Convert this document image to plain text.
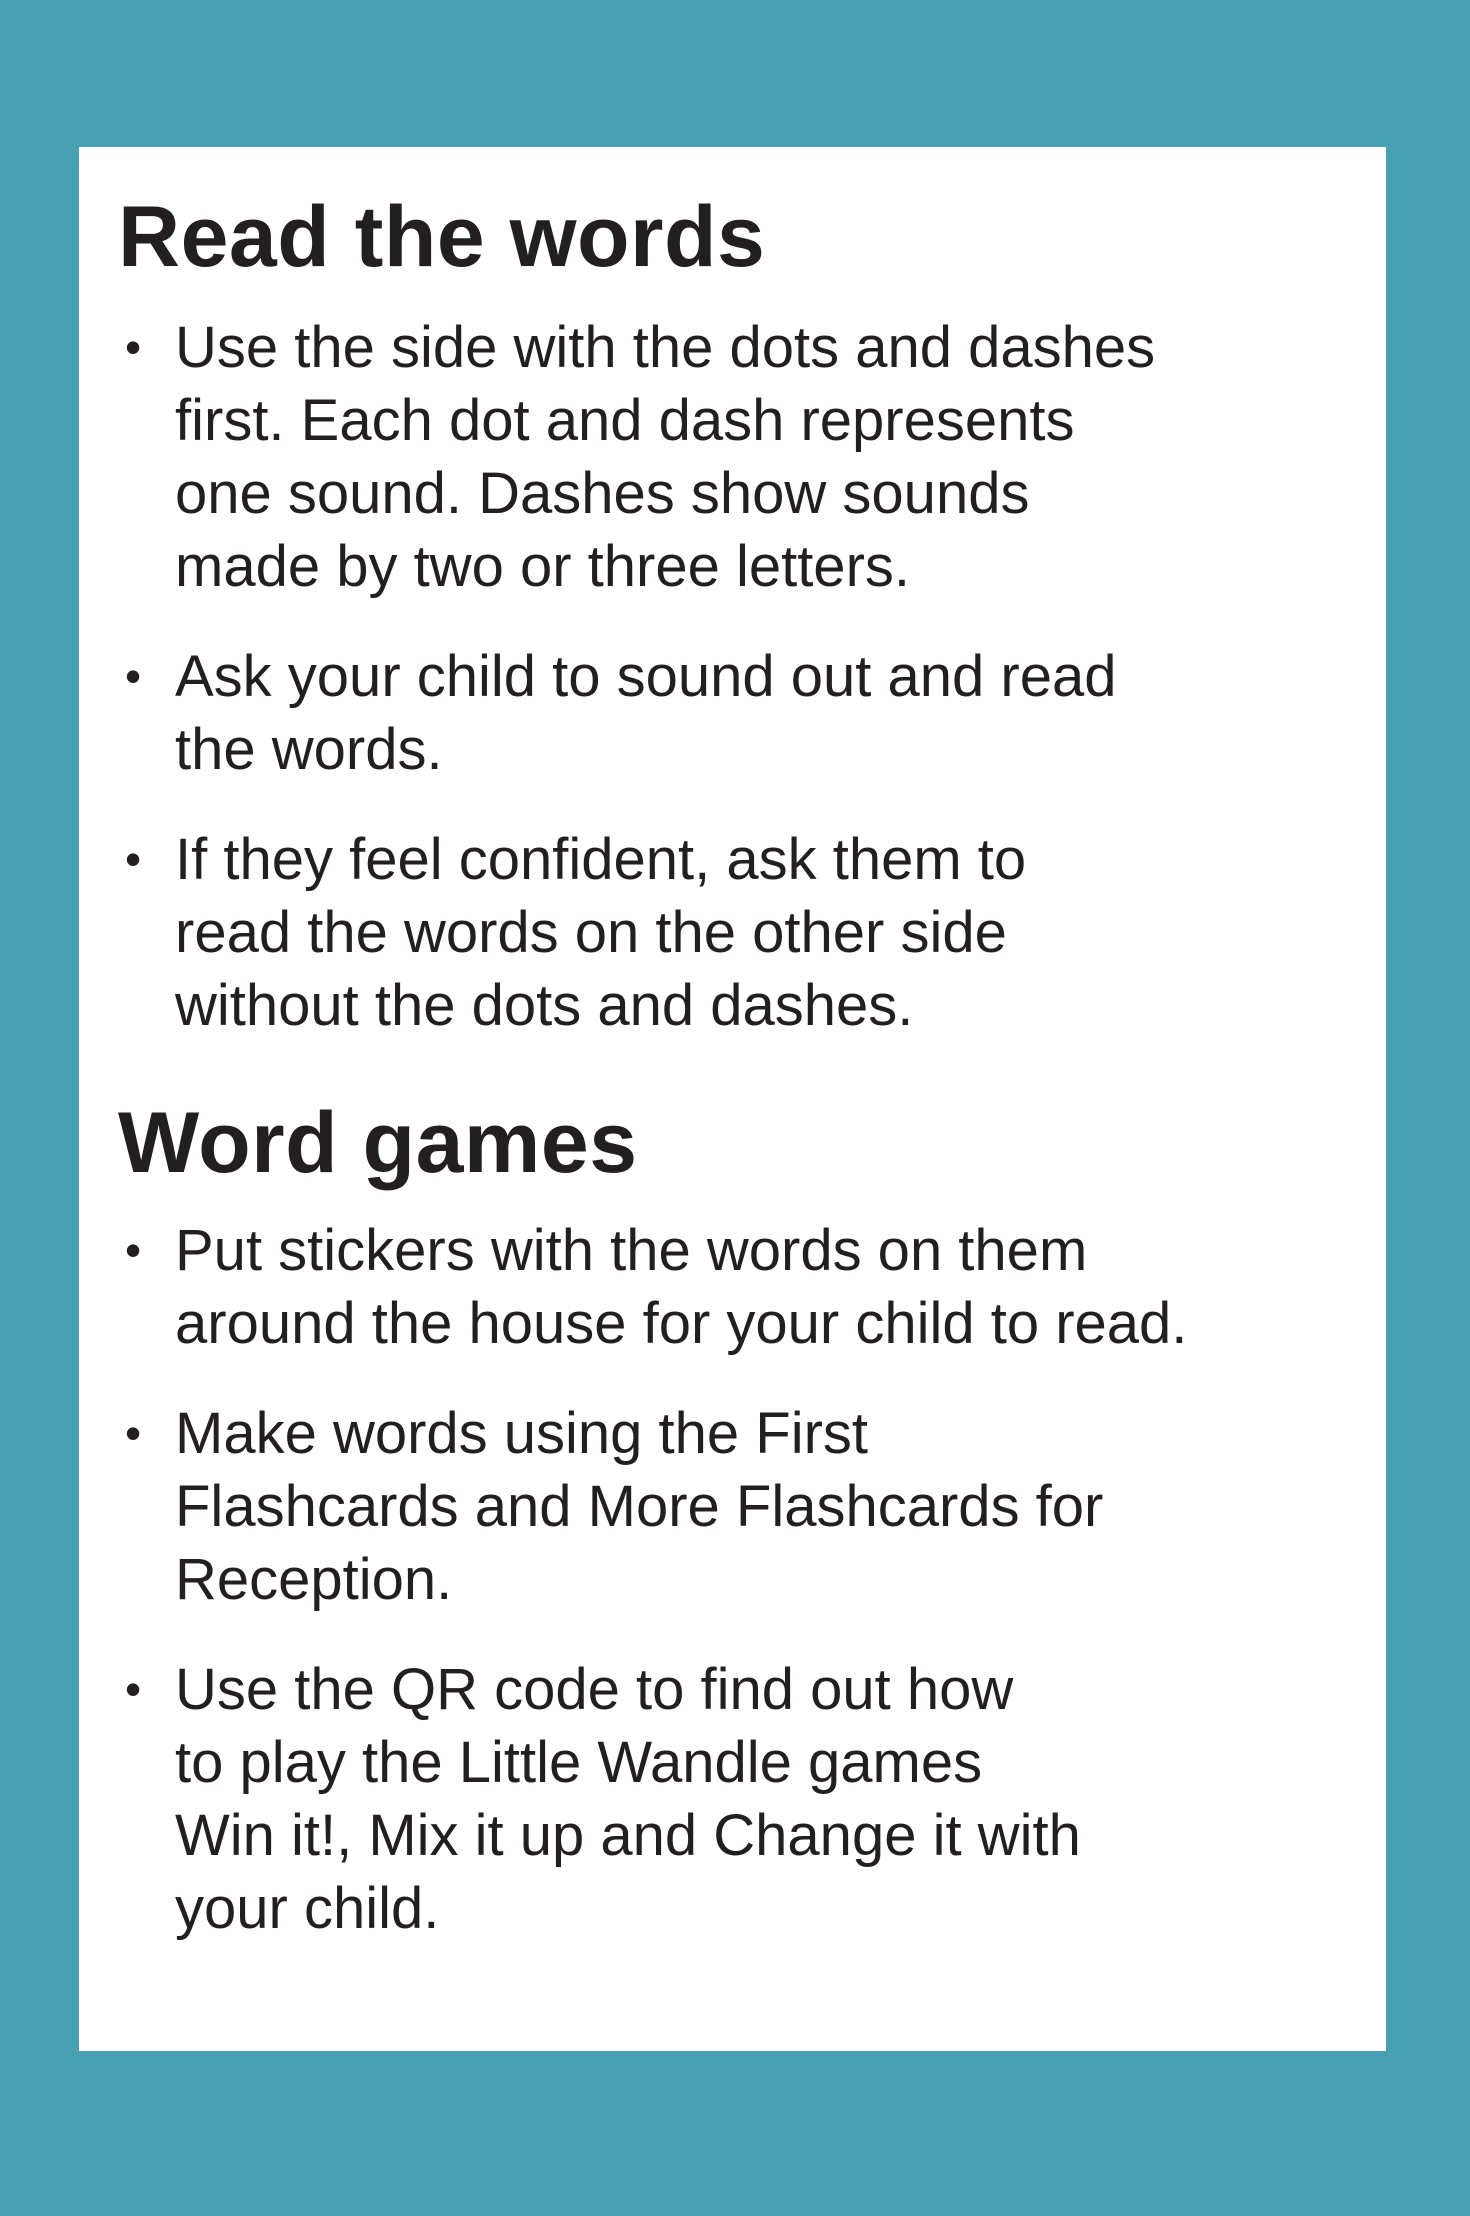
Read the words
• Use the side with the dots and dashes
first. Each dot and dash represents
one sound. Dashes show sounds
made by two or three letters.
• Ask your child to sound out and read
the words.
• If they feel confident, ask them to
read the words on the other side
without the dots and dashes.
Word games
• Put stickers with the words on them
around the house for your child to read.
• Make words using the First
Flashcards and More Flashcards for
Reception.
• Use the QR code to find out how
to play the Little Wandle games
Win it!, Mix it up and Change it with
your child.
